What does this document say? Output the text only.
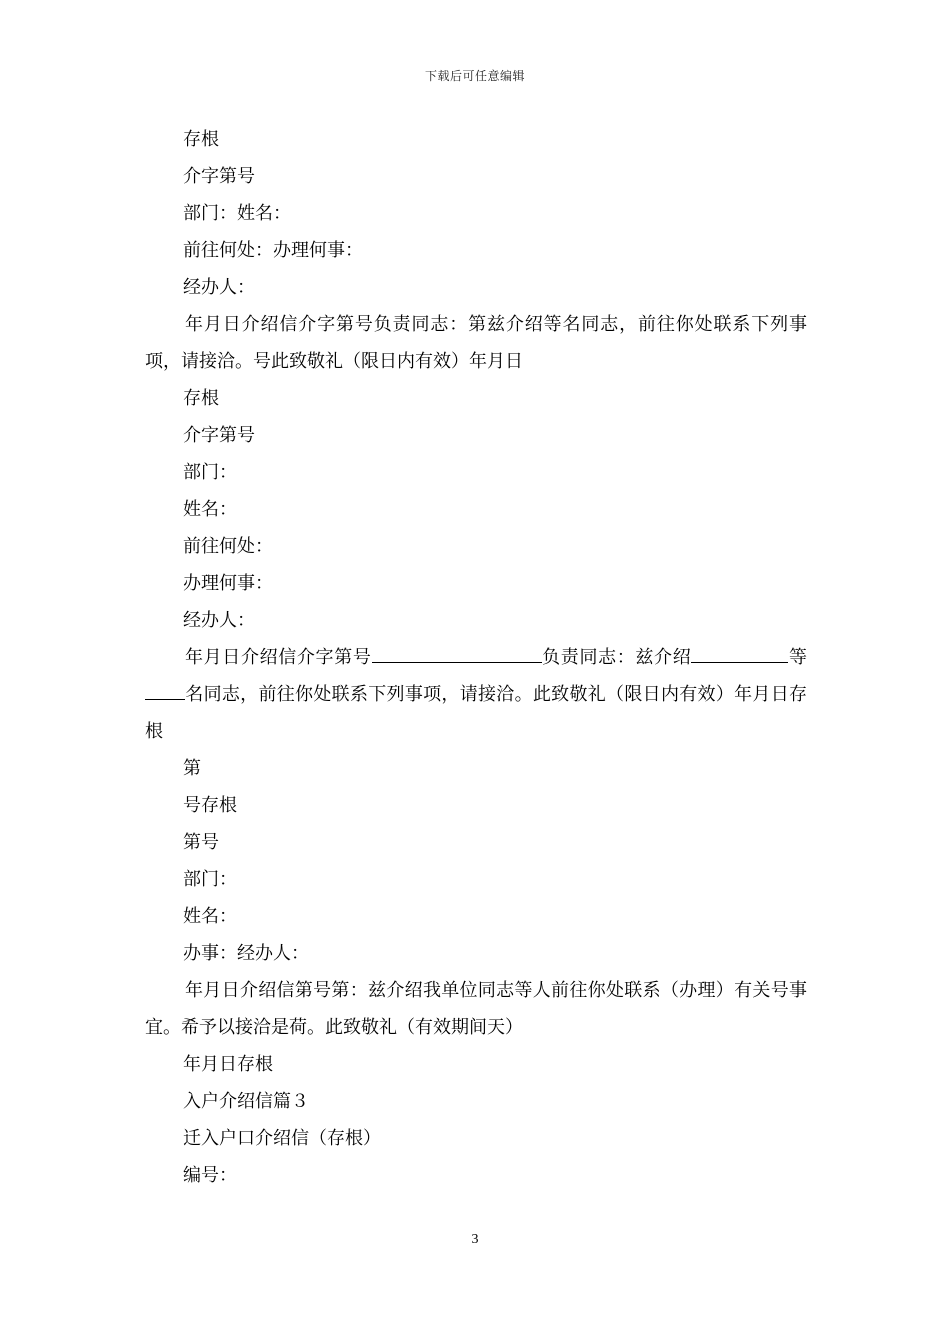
下载后可任意编辑
存根
介字第号
部门：姓名：
前往何处：办理何事：
经办人：
年月日介绍信介字第号负责同志：第兹介绍等名同志，前往你处联系下列事项，请接洽。号此致敬礼（限日内有效）年月日
存根
介字第号
部门：
姓名：
前往何处：
办理何事：
经办人：
年月日介绍信介字第号	负责同志：兹介绍	等名同志，前往你处联系下列事项，请接洽。此致敬礼（限日内有效）年月日存根
第
号存根
第号
部门：
姓名：
办事：经办人：
年月日介绍信第号第：兹介绍我单位同志等人前往你处联系（办理）有关号事宜。希予以接洽是荷。此致敬礼（有效期间天）
年月日存根
入户介绍信篇３
迁入户口介绍信（存根）
编号：
3
